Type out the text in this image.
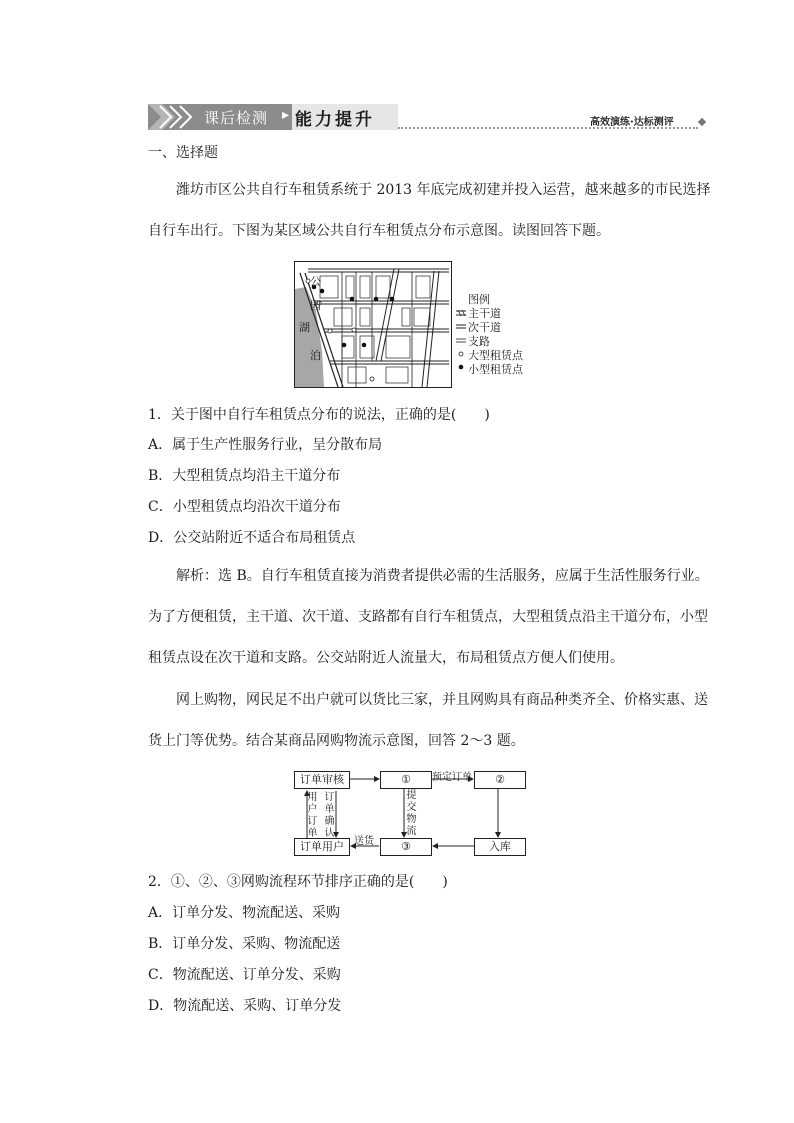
课后检测 ▸ 能力提升	高效演练·达标测评
一、选择题
潍坊市区公共自行车租赁系统于 2013 年底完成初建并投入运营，越来越多的市民选择
自行车出行。下图为某区域公共自行车租赁点分布示意图。读图回答下题。
公
园
湖
泊
图例
主干道
次干道
支路
大型租赁点
小型租赁点
1．关于图中自行车租赁点分布的说法，正确的是(　　)
A．属于生产性服务行业，呈分散布局
B．大型租赁点均沿主干道分布
C．小型租赁点均沿次干道分布
D．公交站附近不适合布局租赁点
解析：选 B。自行车租赁直接为消费者提供必需的生活服务，应属于生活性服务行业。
为了方便租赁，主干道、次干道、支路都有自行车租赁点，大型租赁点沿主干道分布，小型
租赁点设在次干道和支路。公交站附近人流量大，布局租赁点方便人们使用。
网上购物，网民足不出户就可以货比三家，并且网购具有商品种类齐全、价格实惠、送
货上门等优势。结合某商品网购物流示意图，回答 2～3 题。
订单审核	①	②
订单用户	③	入库
预定订单
送货
用户订单
订单确认
提交物流
2．①、②、③网购流程环节排序正确的是(　　)
A．订单分发、物流配送、采购
B．订单分发、采购、物流配送
C．物流配送、订单分发、采购
D．物流配送、采购、订单分发
